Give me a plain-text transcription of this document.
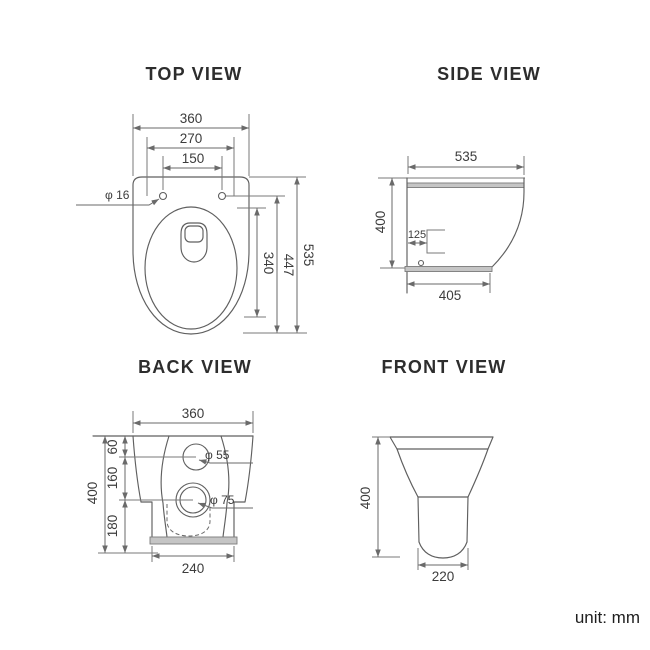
TOP VIEW
360
270
150
φ 16
340 447 535
SIDE VIEW
535
400
125
405
BACK VIEW
360
φ 55
φ 75
400
60
160
180
240
FRONT VIEW
400
220
unit: mm
